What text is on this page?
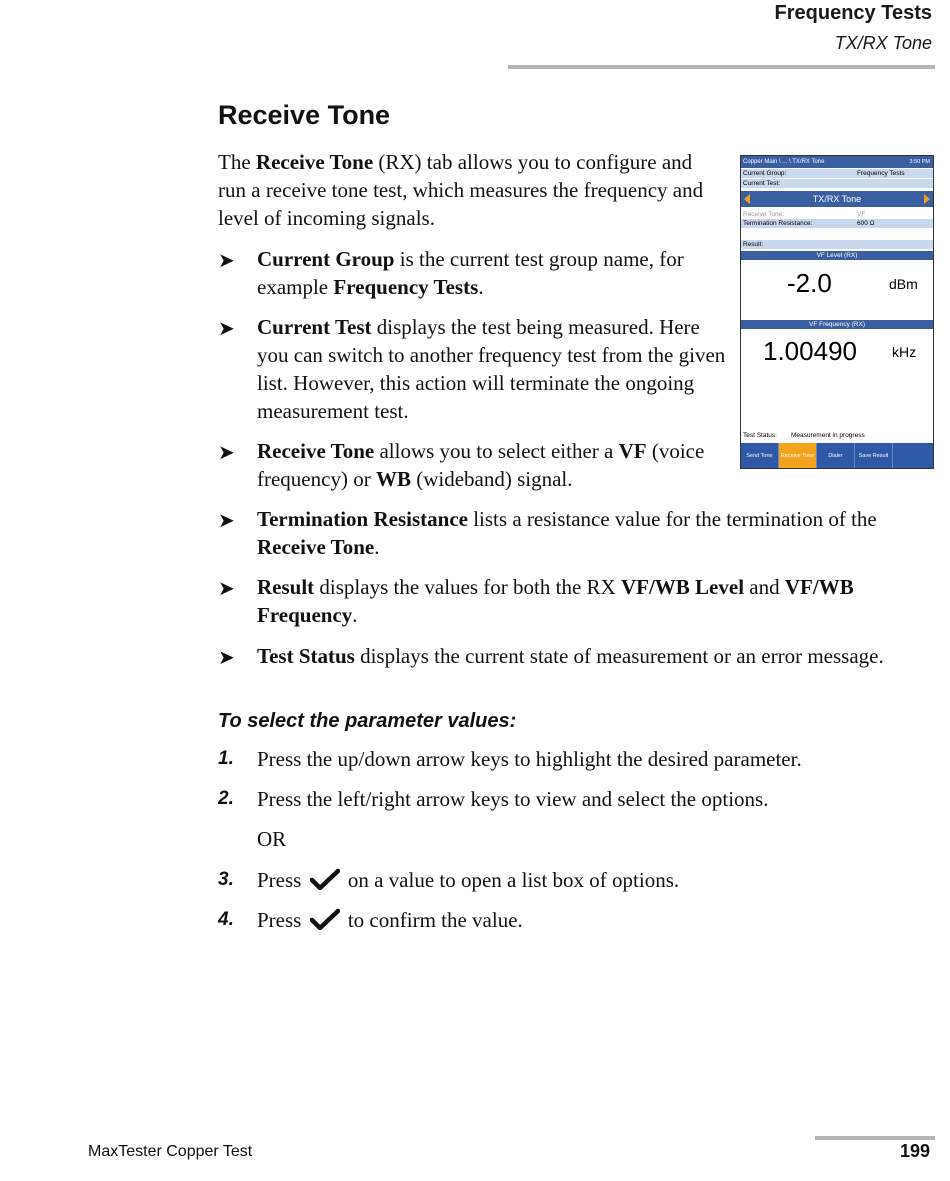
Frequency Tests
TX/RX Tone
Receive Tone
The Receive Tone (RX) tab allows you to configure and run a receive tone test, which measures the frequency and level of incoming signals.
➤	Current Group is the current test group name, for example Frequency Tests.
➤	Current Test displays the test being measured. Here you can switch to another frequency test from the given list. However, this action will terminate the ongoing measurement test.
➤	Receive Tone allows you to select either a VF (voice frequency) or WB (wideband) signal.
➤	Termination Resistance lists a resistance value for the termination of the Receive Tone.
➤	Result displays the values for both the RX VF/WB Level and VF/WB Frequency.
➤	Test Status displays the current state of measurement or an error message.
To select the parameter values:
1. Press the up/down arrow keys to highlight the desired parameter.
2. Press the left/right arrow keys to view and select the options.
OR
3. Press  on a value to open a list box of options.
4. Press  to confirm the value.
Copper Main \ ... \ TX/RX Tone	3:50 PM
Current Group:	Frequency Tests
Current Test:
TX/RX Tone
Receive Tone:	VF
Termination Resistance:	600 Ω
Result:
VF Level (RX)
-2.0	dBm
VF Frequency (RX)
1.00490	kHz
Test Status: Measurement in progress
Send Tone	Receive Tone	Dialer	Save Result
MaxTester Copper Test	199
